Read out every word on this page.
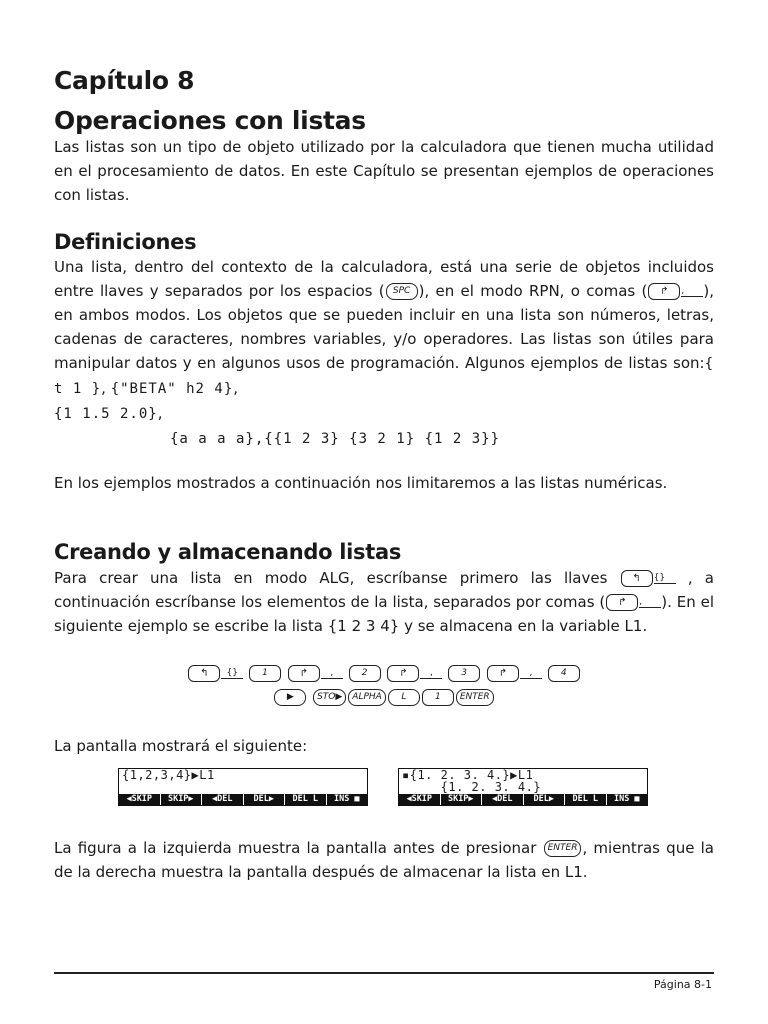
Capítulo 8
Operaciones con listas

Las listas son un tipo de objeto utilizado por la calculadora que tienen mucha utilidad en el procesamiento de datos. En este Capítulo se presentan ejemplos de operaciones con listas.

Definiciones

Una lista, dentro del contexto de la calculadora, está una serie de objetos incluidos entre llaves y separados por los espacios ( SPC ), en el modo RPN, o comas ( ↱ , ), en ambos modos. Los objetos que se pueden incluir en una lista son números, letras, cadenas de caracteres, nombres variables, y/o operadores. Las listas son útiles para manipular datos y en algunos usos de programación. Algunos ejemplos de listas son:{ t 1 }, {"BETA" h2 4},
{1 1.5 2.0},

{a a a a},{{1 2 3} {3 2 1} {1 2 3}}

En los ejemplos mostrados a continuación nos limitaremos a las listas numéricas.

Creando y almacenando listas

Para crear una lista en modo ALG, escríbanse primero las llaves	↰ {} , a continuación escríbanse los elementos de la lista, separados por comas ( ↱ , ). En el siguiente ejemplo se escribe la lista {1 2 3 4} y se almacena en la variable L1.

↰ {}	1	↱ ,	2	↱ ,	3	↱ ,	4
▶	STO▶ ALPHA L	1 ENTER

La pantalla mostrará el siguiente:

La figura a la izquierda muestra la pantalla antes de presionar ENTER , mientras que la de la derecha muestra la pantalla después de almacenar la lista en L1.

{1,2,3,4}▶L1
◀SKIP	SKIP▶	◀DEL	DEL▶	DEL L	INS ■
▪{1. 2. 3. 4.}▶L1
{1. 2. 3. 4.}
◀SKIP	SKIP▶	◀DEL	DEL▶	DEL L	INS ■
Página 8-1
